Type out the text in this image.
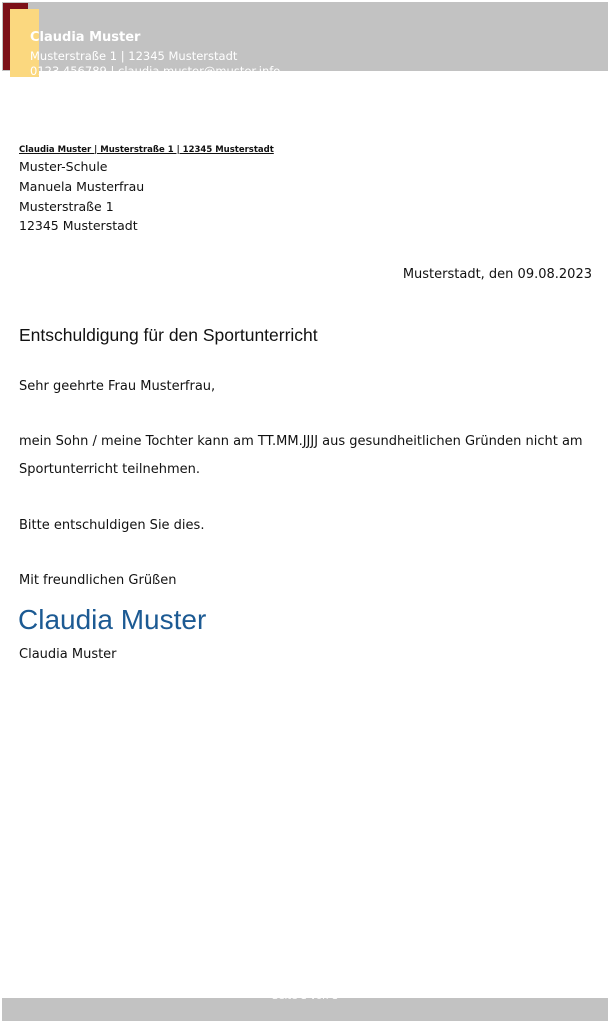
Claudia Muster
Musterstraße 1 | 12345 Musterstadt
0123 456789 | claudia.muster@muster.info
Claudia Muster | Musterstraße 1 | 12345 Musterstadt
Muster-Schule
Manuela Musterfrau
Musterstraße 1
12345 Musterstadt
Musterstadt, den 09.08.2023
Entschuldigung für den Sportunterricht
Sehr geehrte Frau Musterfrau,
mein Sohn / meine Tochter kann am TT.MM.JJJJ aus gesundheitlichen Gründen nicht am
Sportunterricht teilnehmen.
Bitte entschuldigen Sie dies.
Mit freundlichen Grüßen
Claudia Muster
Claudia Muster
Seite 1 von 1
